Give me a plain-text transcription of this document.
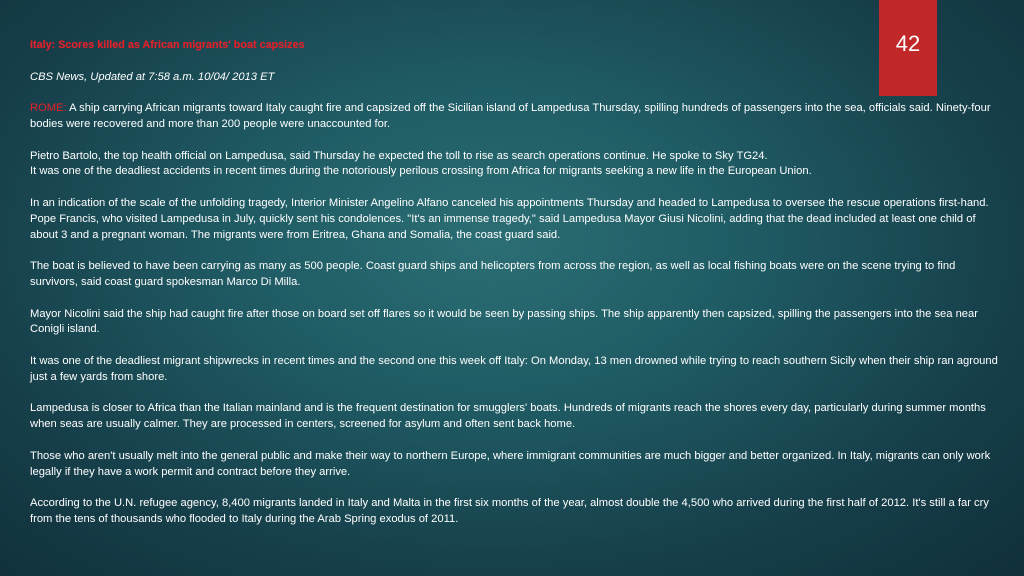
42

Italy: Scores killed as African migrants' boat capsizes

CBS News, Updated at 7:58 a.m. 10/04/ 2013 ET

ROME: A ship carrying African migrants toward Italy caught fire and capsized off the Sicilian island of Lampedusa Thursday, spilling hundreds of passengers into the sea, officials said. Ninety-four bodies were recovered and more than 200 people were unaccounted for.

Pietro Bartolo, the top health official on Lampedusa, said Thursday he expected the toll to rise as search operations continue. He spoke to Sky TG24.
It was one of the deadliest accidents in recent times during the notoriously perilous crossing from Africa for migrants seeking a new life in the European Union.

In an indication of the scale of the unfolding tragedy, Interior Minister Angelino Alfano canceled his appointments Thursday and headed to Lampedusa to oversee the rescue operations first-hand. Pope Francis, who visited Lampedusa in July, quickly sent his condolences. "It's an immense tragedy," said Lampedusa Mayor Giusi Nicolini, adding that the dead included at least one child of about 3 and a pregnant woman. The migrants were from Eritrea, Ghana and Somalia, the coast guard said.

The boat is believed to have been carrying as many as 500 people. Coast guard ships and helicopters from across the region, as well as local fishing boats were on the scene trying to find survivors, said coast guard spokesman Marco Di Milla.

Mayor Nicolini said the ship had caught fire after those on board set off flares so it would be seen by passing ships. The ship apparently then capsized, spilling the passengers into the sea near Conigli island.

It was one of the deadliest migrant shipwrecks in recent times and the second one this week off Italy: On Monday, 13 men drowned while trying to reach southern Sicily when their ship ran aground just a few yards from shore.

Lampedusa is closer to Africa than the Italian mainland and is the frequent destination for smugglers' boats. Hundreds of migrants reach the shores every day, particularly during summer months when seas are usually calmer. They are processed in centers, screened for asylum and often sent back home.

Those who aren't usually melt into the general public and make their way to northern Europe, where immigrant communities are much bigger and better organized. In Italy, migrants can only work legally if they have a work permit and contract before they arrive.

According to the U.N. refugee agency, 8,400 migrants landed in Italy and Malta in the first six months of the year, almost double the 4,500 who arrived during the first half of 2012. It's still a far cry from the tens of thousands who flooded to Italy during the Arab Spring exodus of 2011.
